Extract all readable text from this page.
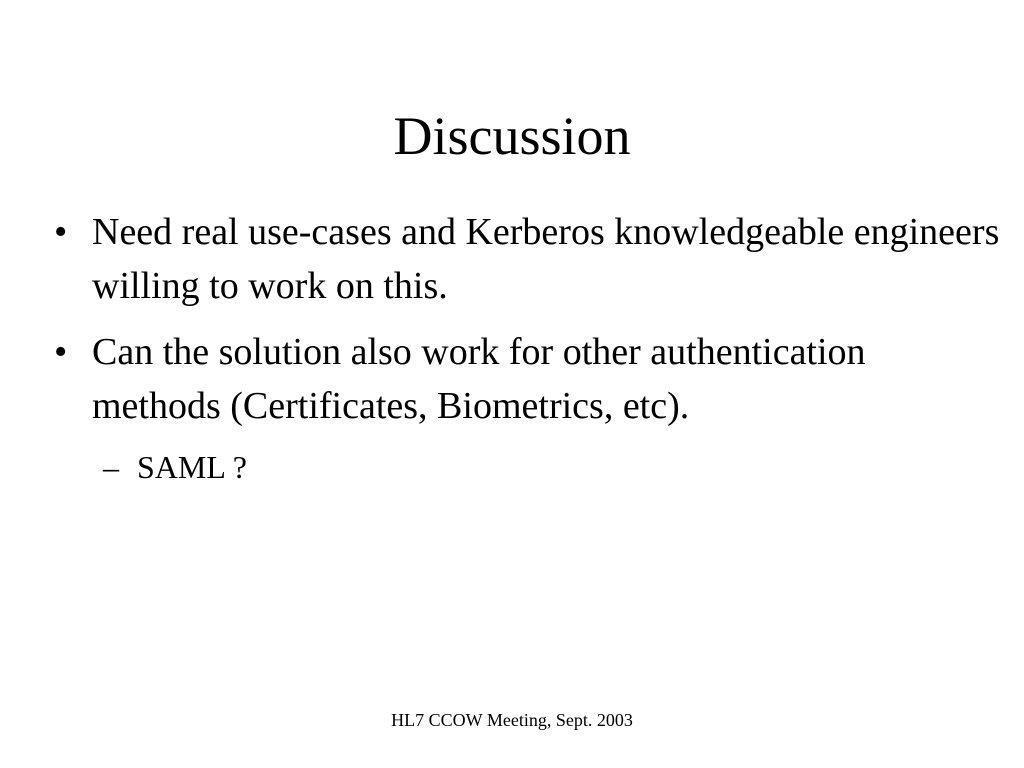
Discussion
• Need real use-cases and Kerberos knowledgeable engineers willing to work on this.
• Can the solution also work for other authentication methods (Certificates, Biometrics, etc).
– SAML ?
HL7 CCOW Meeting, Sept. 2003
